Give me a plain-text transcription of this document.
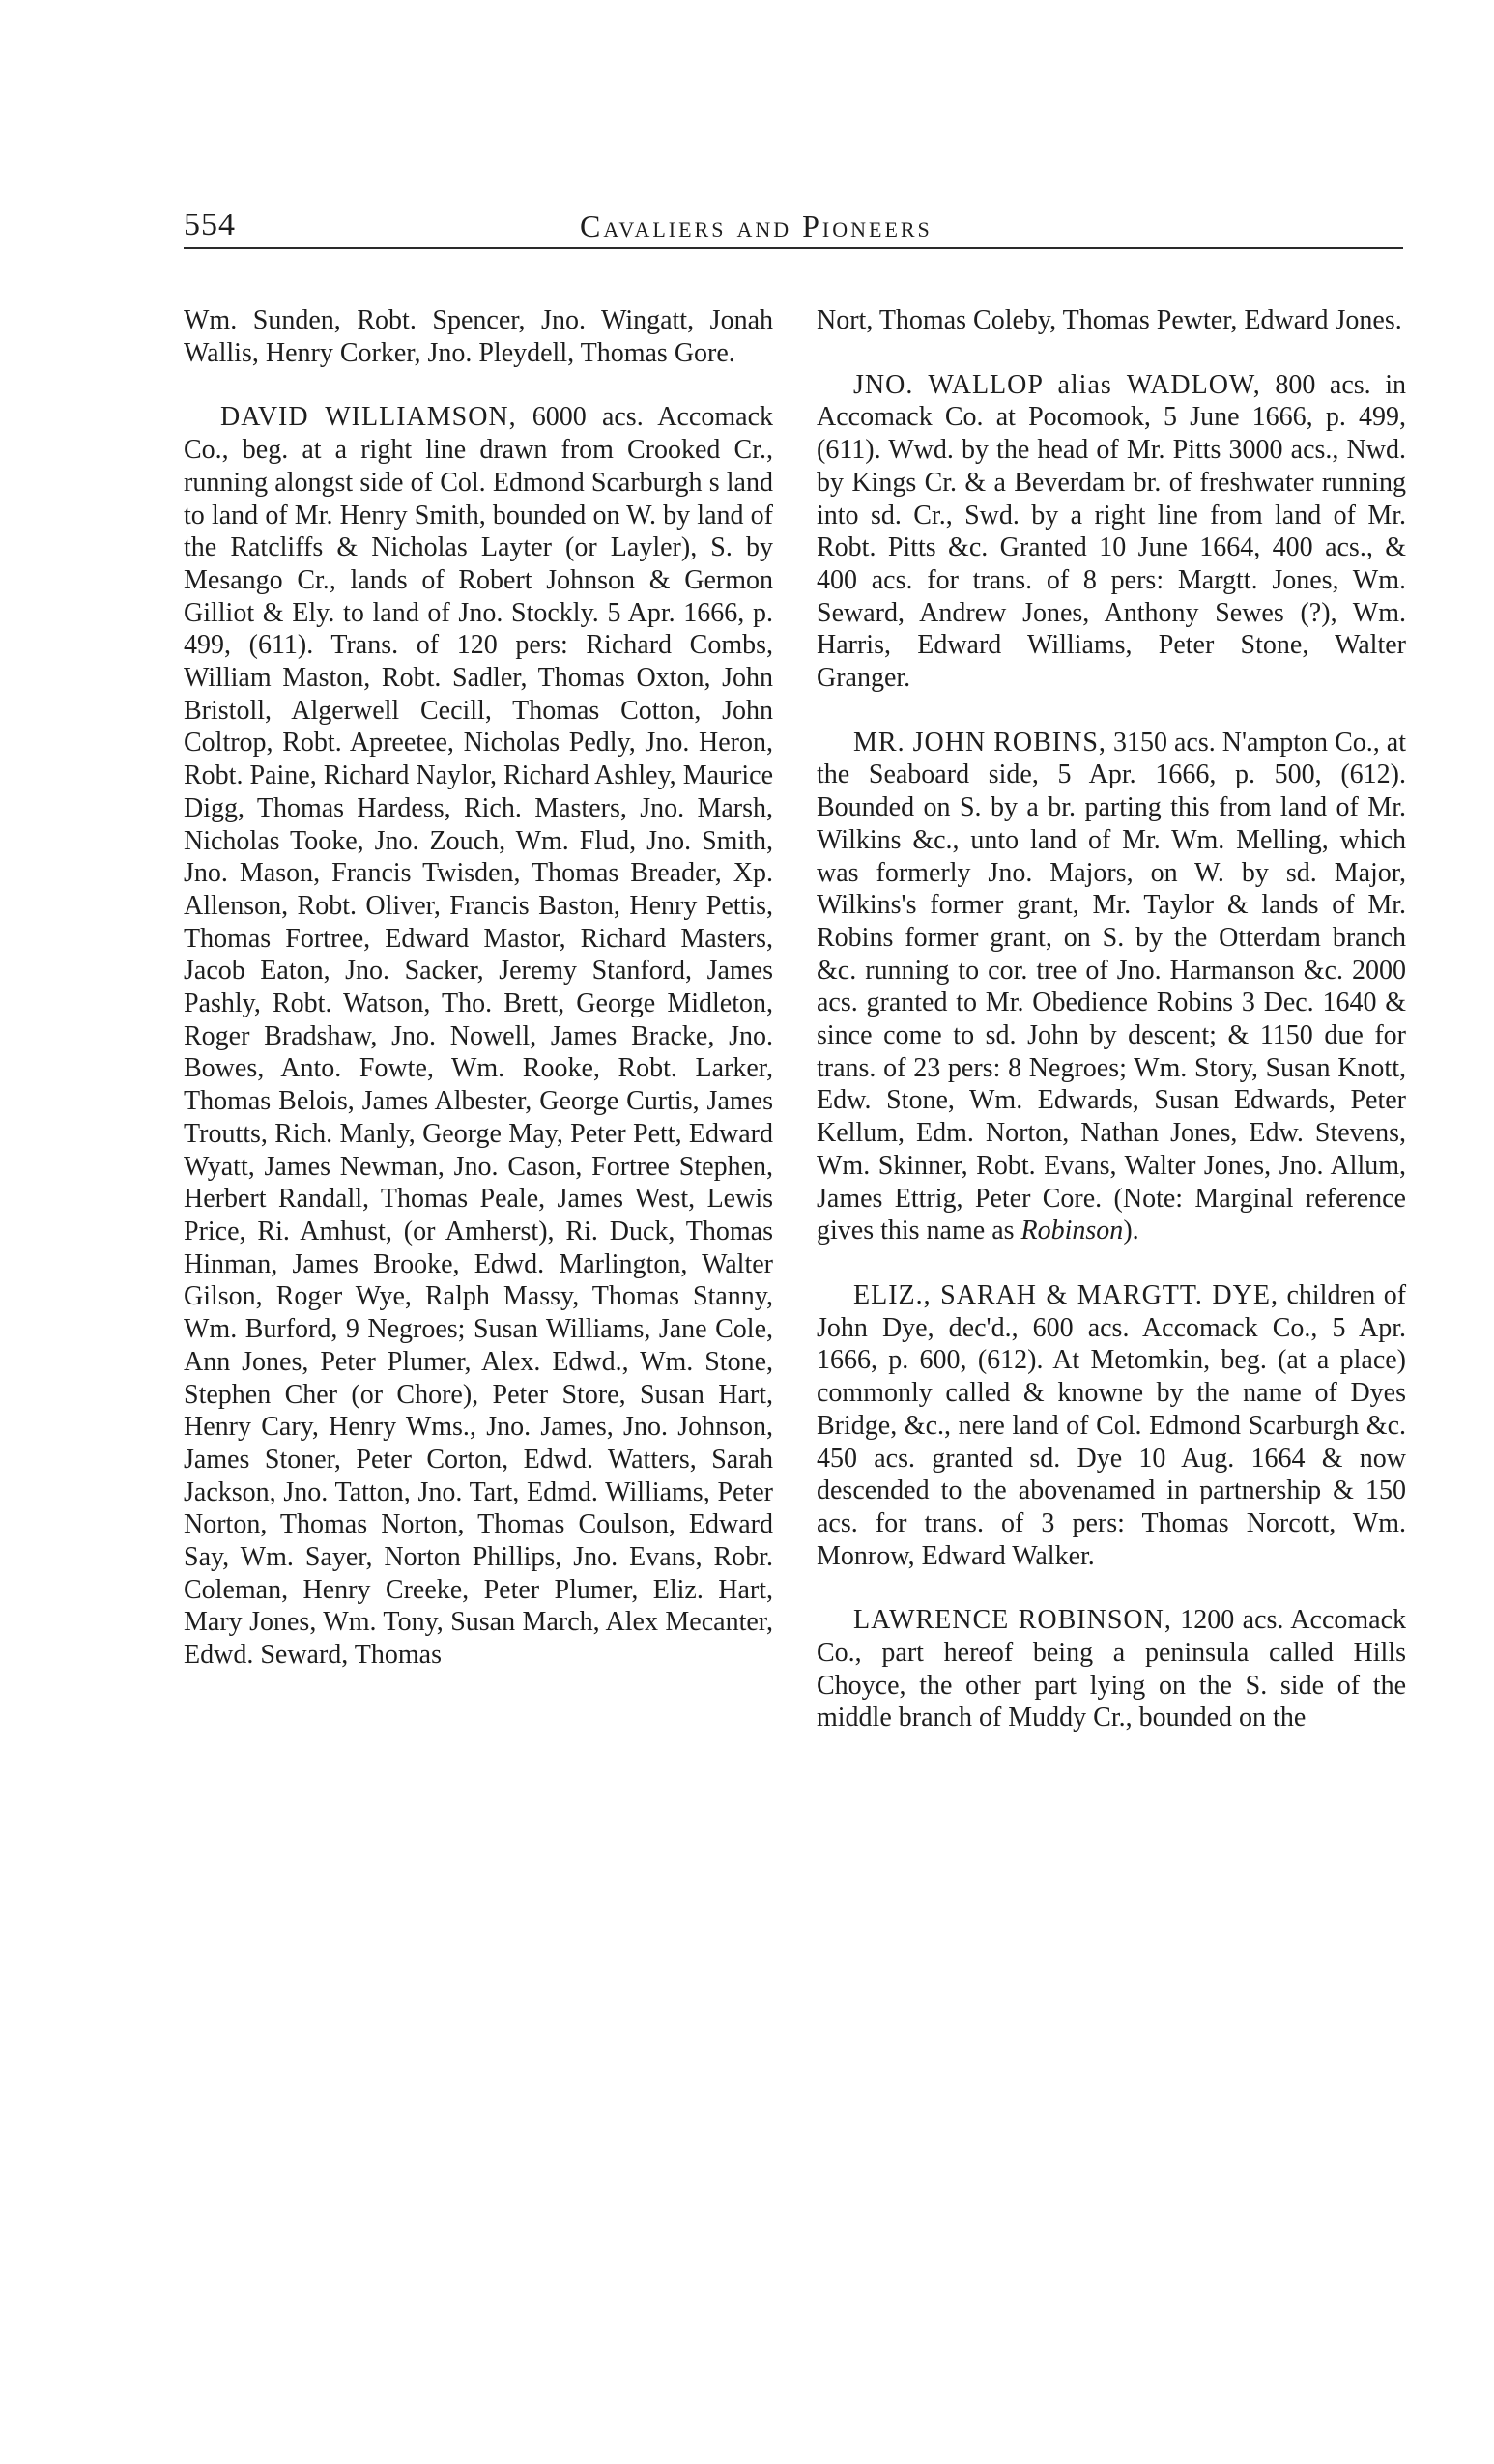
554	Cavaliers and Pioneers

Wm. Sunden, Robt. Spencer, Jno. Wingatt, Jonah Wallis, Henry Corker, Jno. Pleydell, Thomas Gore.

DAVID WILLIAMSON, 6000 acs. Accomack Co., beg. at a right line drawn from Crooked Cr., running alongst side of Col. Edmond Scarburgh s land to land of Mr. Henry Smith, bounded on W. by land of the Ratcliffs & Nicholas Layter (or Layler), S. by Mesango Cr., lands of Robert Johnson & Germon Gilliot & Ely. to land of Jno. Stockly. 5 Apr. 1666, p. 499, (611). Trans. of 120 pers: Richard Combs, William Maston, Robt. Sadler, Thomas Oxton, John Bristoll, Algerwell Cecill, Thomas Cotton, John Coltrop, Robt. Apreetee, Nicholas Pedly, Jno. Heron, Robt. Paine, Richard Naylor, Richard Ashley, Maurice Digg, Thomas Hardess, Rich. Masters, Jno. Marsh, Nicholas Tooke, Jno. Zouch, Wm. Flud, Jno. Smith, Jno. Mason, Francis Twisden, Thomas Breader, Xp. Allenson, Robt. Oliver, Francis Baston, Henry Pettis, Thomas Fortree, Edward Mastor, Richard Masters, Jacob Eaton, Jno. Sacker, Jeremy Stanford, James Pashly, Robt. Watson, Tho. Brett, George Midleton, Roger Bradshaw, Jno. Nowell, James Bracke, Jno. Bowes, Anto. Fowte, Wm. Rooke, Robt. Larker, Thomas Belois, James Albester, George Curtis, James Troutts, Rich. Manly, George May, Peter Pett, Edward Wyatt, James Newman, Jno. Cason, Fortree Stephen, Herbert Randall, Thomas Peale, James West, Lewis Price, Ri. Amhust, (or Amherst), Ri. Duck, Thomas Hinman, James Brooke, Edwd. Marlington, Walter Gilson, Roger Wye, Ralph Massy, Thomas Stanny, Wm. Burford, 9 Negroes; Susan Williams, Jane Cole, Ann Jones, Peter Plumer, Alex. Edwd., Wm. Stone, Stephen Cher (or Chore), Peter Store, Susan Hart, Henry Cary, Henry Wms., Jno. James, Jno. Johnson, James Stoner, Peter Corton, Edwd. Watters, Sarah Jackson, Jno. Tatton, Jno. Tart, Edmd. Williams, Peter Norton, Thomas Norton, Thomas Coulson, Edward Say, Wm. Sayer, Norton Phillips, Jno. Evans, Robr. Coleman, Henry Creeke, Peter Plumer, Eliz. Hart, Mary Jones, Wm. Tony, Susan March, Alex Mecanter, Edwd. Seward, Thomas

Nort, Thomas Coleby, Thomas Pewter, Edward Jones.

JNO. WALLOP alias WADLOW, 800 acs. in Accomack Co. at Pocomook, 5 June 1666, p. 499, (611). Wwd. by the head of Mr. Pitts 3000 acs., Nwd. by Kings Cr. & a Beverdam br. of freshwater running into sd. Cr., Swd. by a right line from land of Mr. Robt. Pitts &c. Granted 10 June 1664, 400 acs., & 400 acs. for trans. of 8 pers: Margtt. Jones, Wm. Seward, Andrew Jones, Anthony Sewes (?), Wm. Harris, Edward Williams, Peter Stone, Walter Granger.

MR. JOHN ROBINS, 3150 acs. N'ampton Co., at the Seaboard side, 5 Apr. 1666, p. 500, (612). Bounded on S. by a br. parting this from land of Mr. Wilkins &c., unto land of Mr. Wm. Melling, which was formerly Jno. Majors, on W. by sd. Major, Wilkins's former grant, Mr. Taylor & lands of Mr. Robins former grant, on S. by the Otterdam branch &c. running to cor. tree of Jno. Harmanson &c. 2000 acs. granted to Mr. Obedience Robins 3 Dec. 1640 & since come to sd. John by descent; & 1150 due for trans. of 23 pers: 8 Negroes; Wm. Story, Susan Knott, Edw. Stone, Wm. Edwards, Susan Edwards, Peter Kellum, Edm. Norton, Nathan Jones, Edw. Stevens, Wm. Skinner, Robt. Evans, Walter Jones, Jno. Allum, James Ettrig, Peter Core. (Note: Marginal reference gives this name as Robinson).

ELIZ., SARAH & MARGTT. DYE, children of John Dye, dec'd., 600 acs. Accomack Co., 5 Apr. 1666, p. 600, (612). At Metomkin, beg. (at a place) commonly called & knowne by the name of Dyes Bridge, &c., nere land of Col. Edmond Scarburgh &c. 450 acs. granted sd. Dye 10 Aug. 1664 & now descended to the abovenamed in partnership & 150 acs. for trans. of 3 pers: Thomas Norcott, Wm. Monrow, Edward Walker.

LAWRENCE ROBINSON, 1200 acs. Accomack Co., part hereof being a peninsula called Hills Choyce, the other part lying on the S. side of the middle branch of Muddy Cr., bounded on the
